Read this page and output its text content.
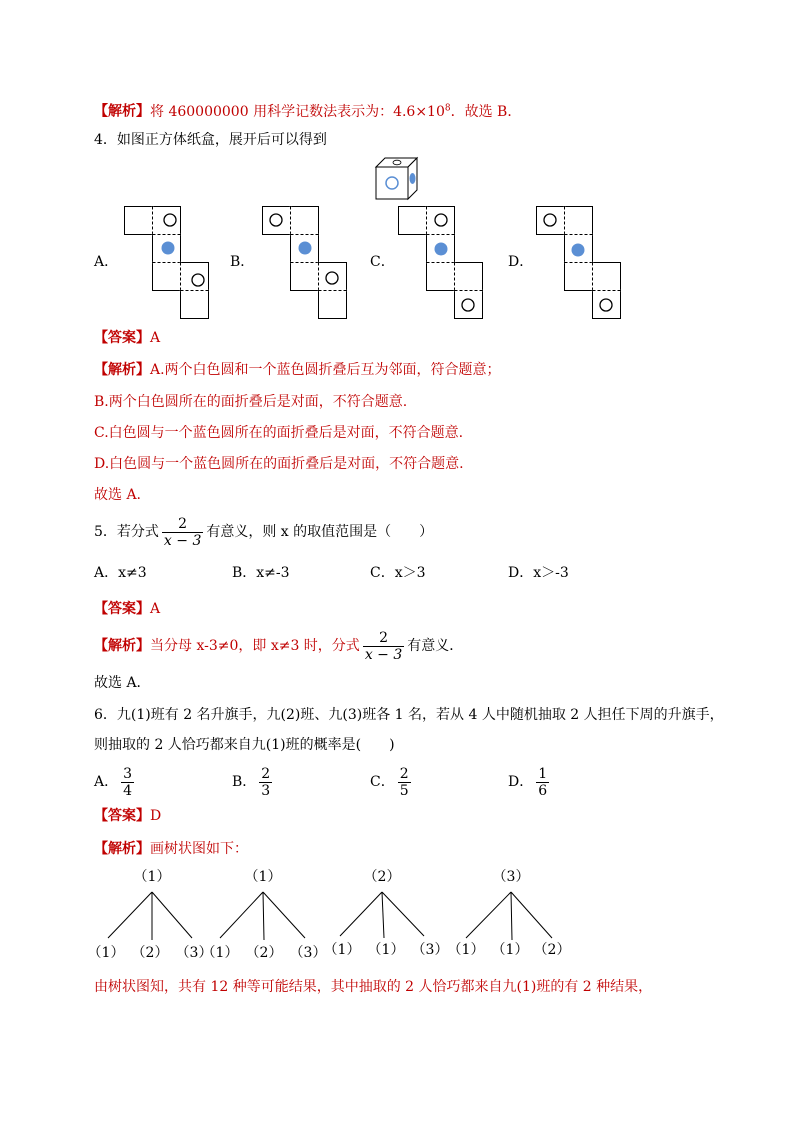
【解析】将 460000000 用科学记数法表示为：$4.6\times 10^8$．故选 B．
4．如图正方体纸盒，展开后可以得到
A．	B．	C．	D．
【答案】A
【解析】A.两个白色圆和一个蓝色圆折叠后互为邻面，符合题意；
B.两个白色圆所在的面折叠后是对面，不符合题意.
C.白色圆与一个蓝色圆所在的面折叠后是对面，不符合题意.
D.白色圆与一个蓝色圆所在的面折叠后是对面，不符合题意.
故选 A.
5．若分式 $\frac{2}{x - 3}$ 有意义，则 x 的取值范围是（　　）
A．x≠3	B．x≠-3	C．x＞3	D．x＞-3
【答案】A
【解析】当分母 x-3≠0，即 x≠3 时，分式 $\frac{2}{x - 3}$ 有意义．
故选 A．
6．九(1)班有 2 名升旗手，九(2)班、九(3)班各 1 名，若从 4 人中随机抽取 2 人担任下周的升旗手，
则抽取的 2 人恰巧都来自九(1)班的概率是(　　)
A． $\frac{3}{4}$	B． $\frac{2}{3}$	C． $\frac{2}{5}$	D． $\frac{1}{6}$
【答案】D
【解析】画树状图如下：
（1）
（1） （2） （3）
（1）
（1） （2） （3）
（2）
（1） （1） （3）
（3）
（1） （1） （2）
由树状图知，共有 12 种等可能结果，其中抽取的 2 人恰巧都来自九(1)班的有 2 种结果，
